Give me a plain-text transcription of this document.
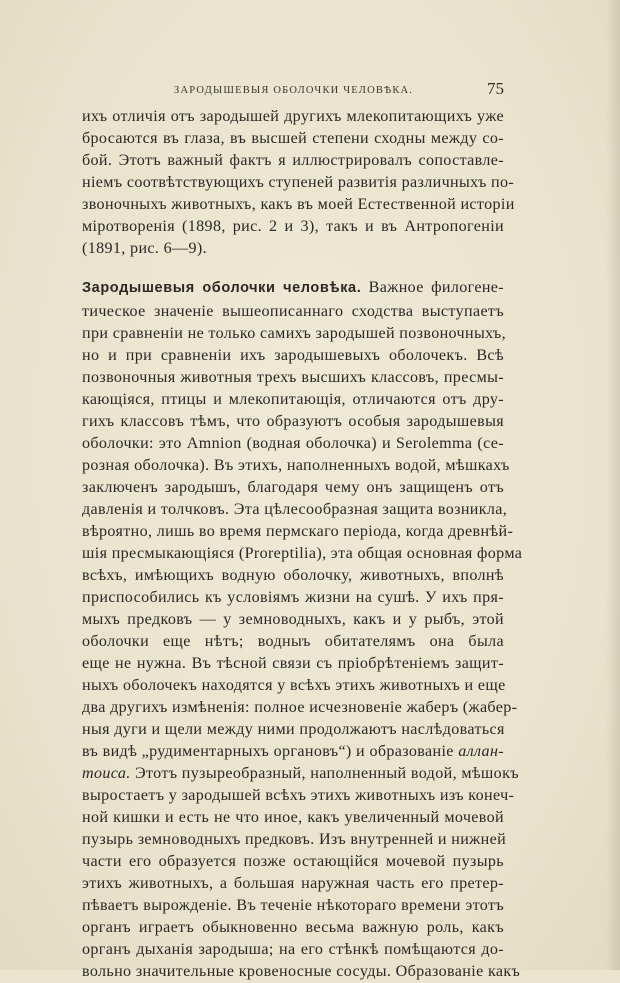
ЗАРОДЫШЕВЫЯ ОБОЛОЧКИ ЧЕЛОВѢКА.	75
ихъ отличія отъ зародышей другихъ млекопитающихъ уже
бросаются въ глаза, въ высшей степени сходны между со-
бой. Этотъ важный фактъ я иллюстрировалъ сопоставле-
ніемъ соотвѣтствующихъ ступеней развитія различныхъ по-
звоночныхъ животныхъ, какъ въ моей Естественной исторіи
міротворенія (1898, рис. 2 и 3), такъ и въ Антропогеніи
(1891, рис. 6—9).
Зародышевыя оболочки человѣка. Важное филогене-
тическое значеніе вышеописаннаго сходства выступаетъ
при сравненіи не только самихъ зародышей позвоночныхъ,
но и при сравненіи ихъ зародышевыхъ оболочекъ. Всѣ
позвоночныя животныя трехъ высшихъ классовъ, пресмы-
кающіяся, птицы и млекопитающія, отличаются отъ дру-
гихъ классовъ тѣмъ, что образуютъ особыя зародышевыя
оболочки: это Amnion (водная оболочка) и Serolemma (се-
розная оболочка). Въ этихъ, наполненныхъ водой, мѣшкахъ
заключенъ зародышъ, благодаря чему онъ защищенъ отъ
давленія и толчковъ. Эта цѣлесообразная защита возникла,
вѣроятно, лишь во время пермскаго періода, когда древнѣй-
шія пресмыкающіяся (Proreptilia), эта общая основная форма
всѣхъ, имѣющихъ водную оболочку, животныхъ, вполнѣ
приспособились къ условіямъ жизни на сушѣ. У ихъ пря-
мыхъ предковъ — у земноводныхъ, какъ и у рыбъ, этой
оболочки еще нѣтъ; водныъ обитателямъ она была
еще не нужна. Въ тѣсной связи съ пріобрѣтеніемъ защит-
ныхъ оболочекъ находятся у всѣхъ этихъ животныхъ и еще
два другихъ измѣненія: полное исчезновеніе жаберъ (жабер-
ныя дуги и щели между ними продолжаютъ наслѣдоваться
въ видѣ „рудиментарныхъ органовъ“) и образованіе аллан-
тоиса. Этотъ пузыреобразный, наполненный водой, мѣшокъ
выростаетъ у зародышей всѣхъ этихъ животныхъ изъ конеч-
ной кишки и есть не что иное, какъ увеличенный мочевой
пузырь земноводныхъ предковъ. Изъ внутренней и нижней
части его образуется позже остающійся мочевой пузырь
этихъ животныхъ, а большая наружная часть его претер-
пѣваетъ вырожденіе. Въ теченіе нѣкотораго времени этотъ
органъ играетъ обыкновенно весьма важную роль, какъ
органъ дыханія зародыша; на его стѣнкѣ помѣщаются до-
вольно значительные кровеносные сосуды. Образованіе какъ
